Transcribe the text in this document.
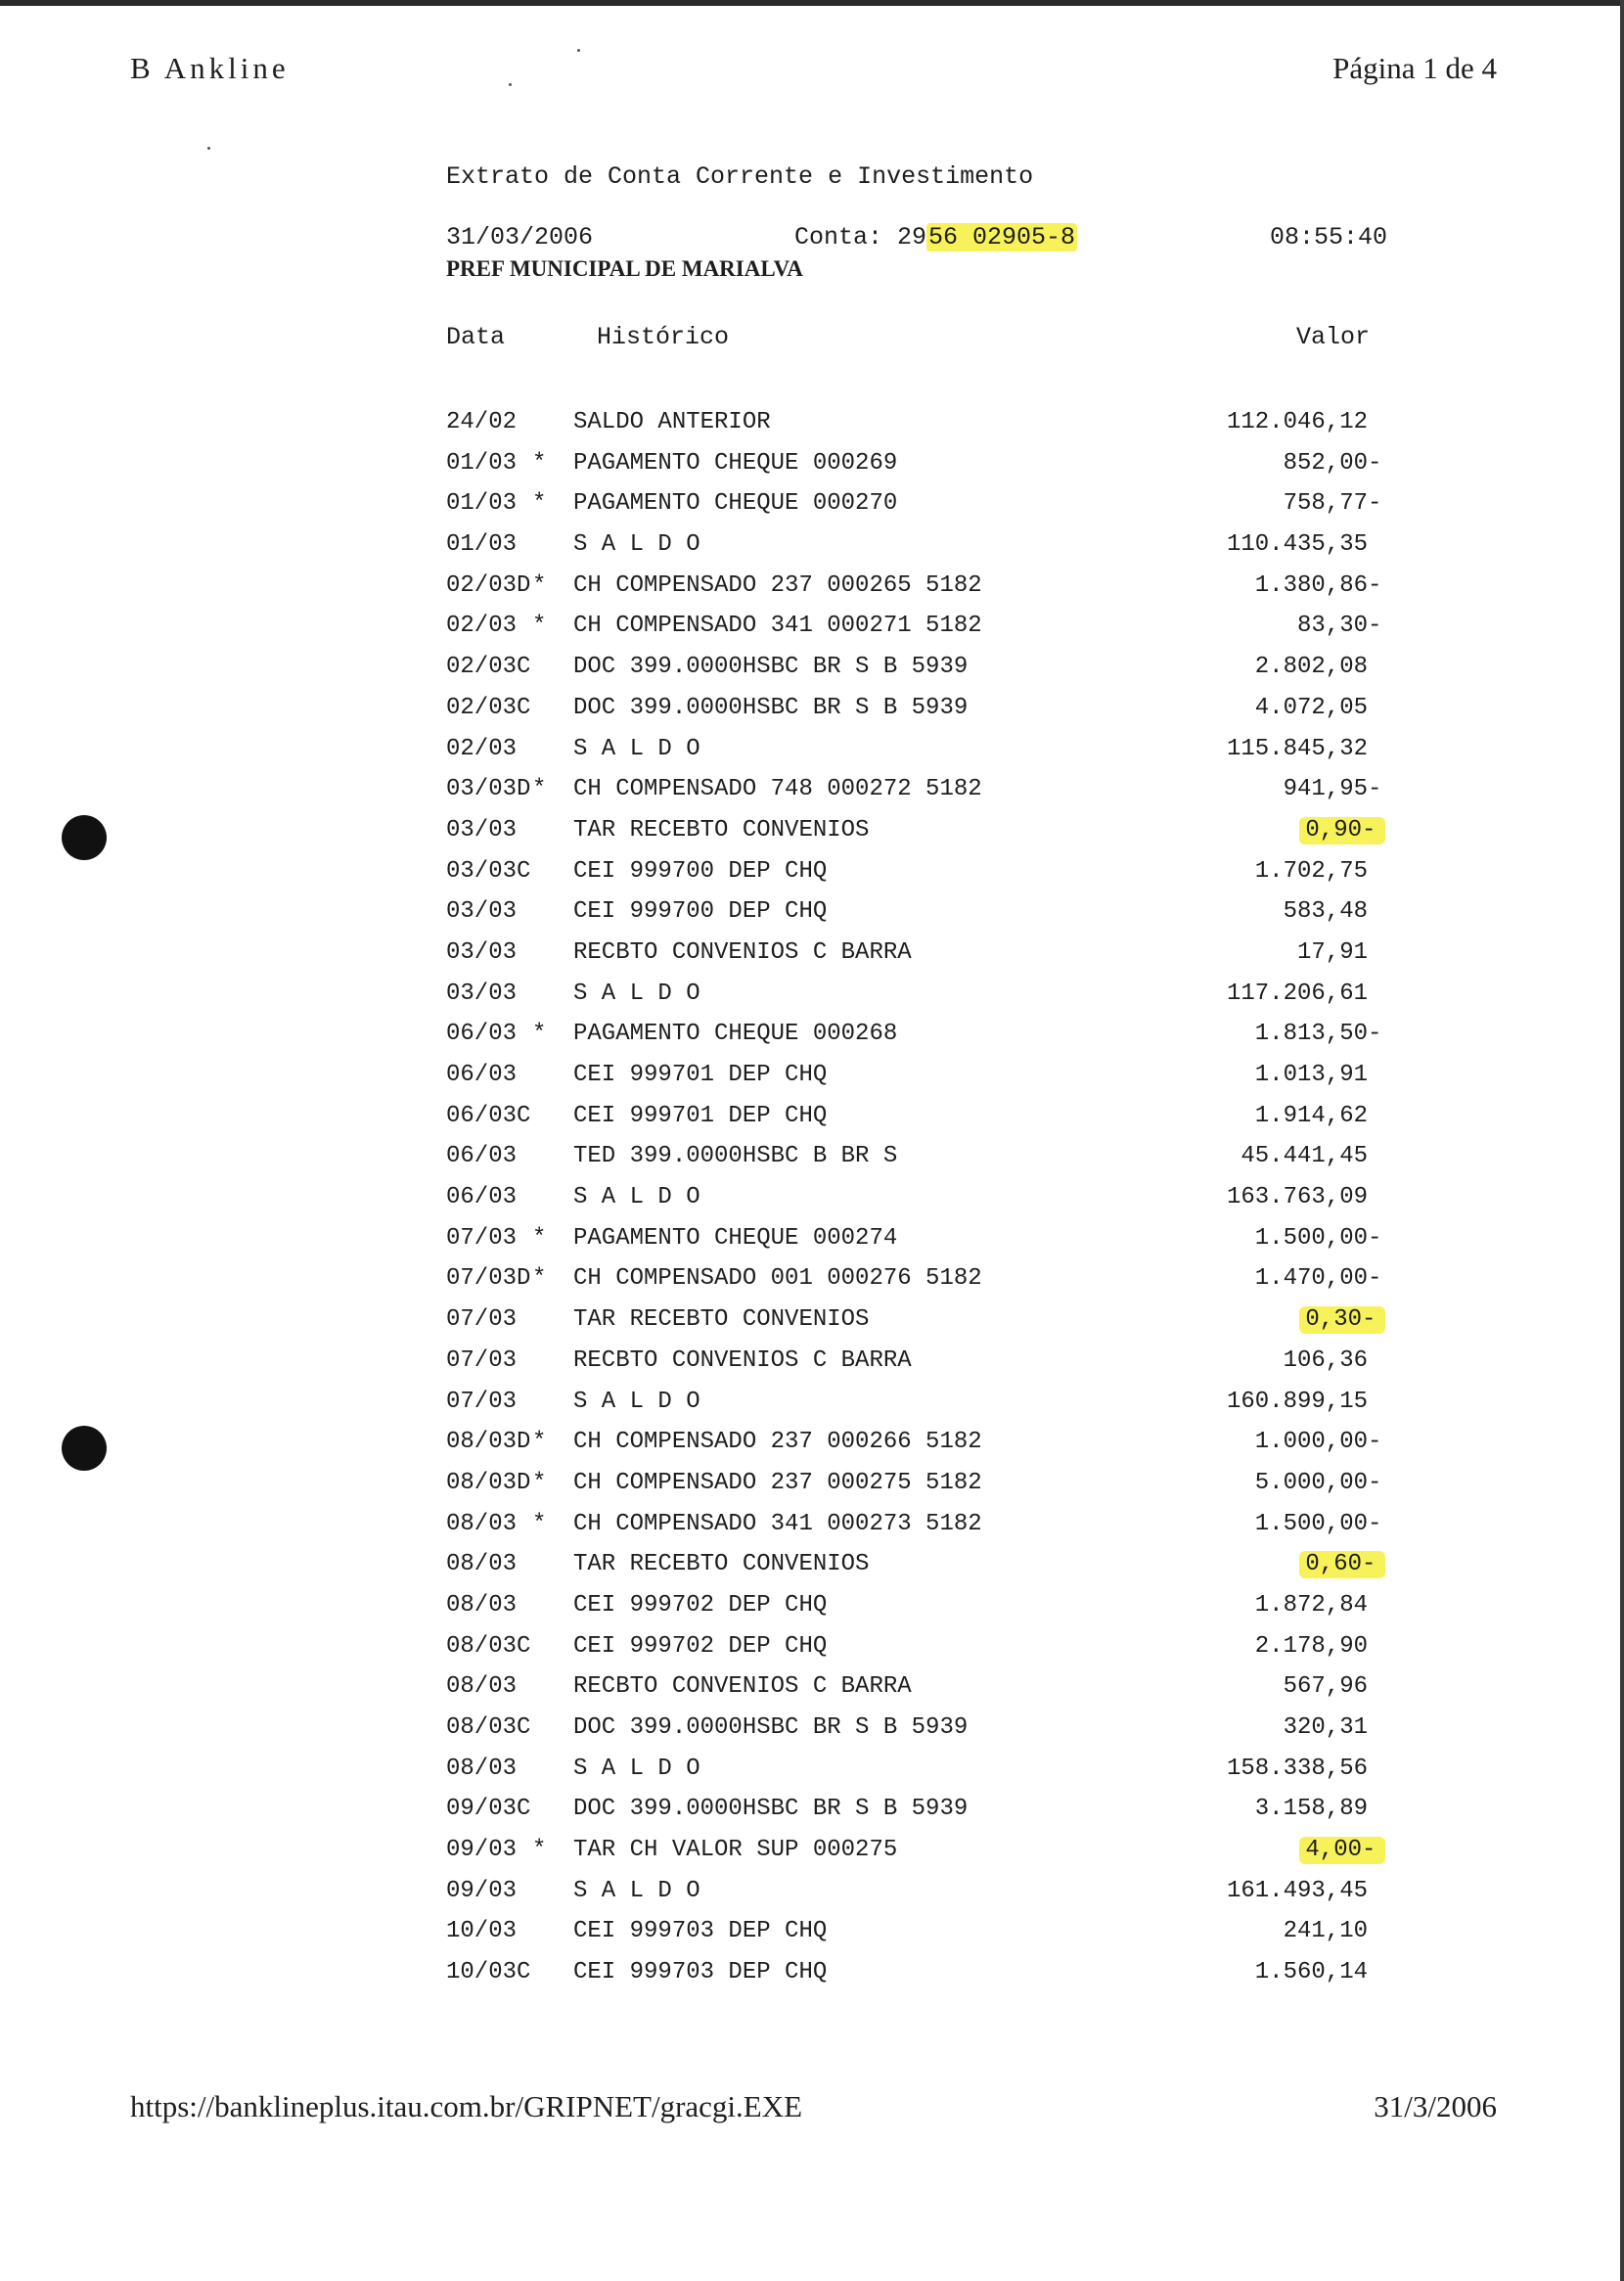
B Ankline	Página 1 de 4
Extrato de Conta Corrente e Investimento
31/03/2006	Conta: 2956 02905-8	08:55:40
PREF MUNICIPAL DE MARIALVA
Data	Histórico	Valor
24/02 SALDO ANTERIOR	112.046,12
01/03 * PAGAMENTO CHEQUE 000269	852,00-
01/03 * PAGAMENTO CHEQUE 000270	758,77-
01/03 S A L D O	110.435,35
02/03D * CH COMPENSADO 237 000265 5182	1.380,86-
02/03 * CH COMPENSADO 341 000271 5182	83,30-
02/03C DOC 399.0000HSBC BR S B 5939	2.802,08
02/03C DOC 399.0000HSBC BR S B 5939	4.072,05
02/03 S A L D O	115.845,32
03/03D * CH COMPENSADO 748 000272 5182	941,95-
03/03 TAR RECEBTO CONVENIOS	0,90-
03/03C CEI 999700 DEP CHQ	1.702,75
03/03 CEI 999700 DEP CHQ	583,48
03/03 RECBTO CONVENIOS C BARRA	17,91
03/03 S A L D O	117.206,61
06/03 * PAGAMENTO CHEQUE 000268	1.813,50-
06/03 CEI 999701 DEP CHQ	1.013,91
06/03C CEI 999701 DEP CHQ	1.914,62
06/03 TED 399.0000HSBC B BR S	45.441,45
06/03 S A L D O	163.763,09
07/03 * PAGAMENTO CHEQUE 000274	1.500,00-
07/03D * CH COMPENSADO 001 000276 5182	1.470,00-
07/03 TAR RECEBTO CONVENIOS	0,30-
07/03 RECBTO CONVENIOS C BARRA	106,36
07/03 S A L D O	160.899,15
08/03D * CH COMPENSADO 237 000266 5182	1.000,00-
08/03D * CH COMPENSADO 237 000275 5182	5.000,00-
08/03 * CH COMPENSADO 341 000273 5182	1.500,00-
08/03 TAR RECEBTO CONVENIOS	0,60-
08/03 CEI 999702 DEP CHQ	1.872,84
08/03C CEI 999702 DEP CHQ	2.178,90
08/03 RECBTO CONVENIOS C BARRA	567,96
08/03C DOC 399.0000HSBC BR S B 5939	320,31
08/03 S A L D O	158.338,56
09/03C DOC 399.0000HSBC BR S B 5939	3.158,89
09/03 * TAR CH VALOR SUP 000275	4,00-
09/03 S A L D O	161.493,45
10/03 CEI 999703 DEP CHQ	241,10
10/03C CEI 999703 DEP CHQ	1.560,14
https://banklineplus.itau.com.br/GRIPNET/gracgi.EXE	31/3/2006
